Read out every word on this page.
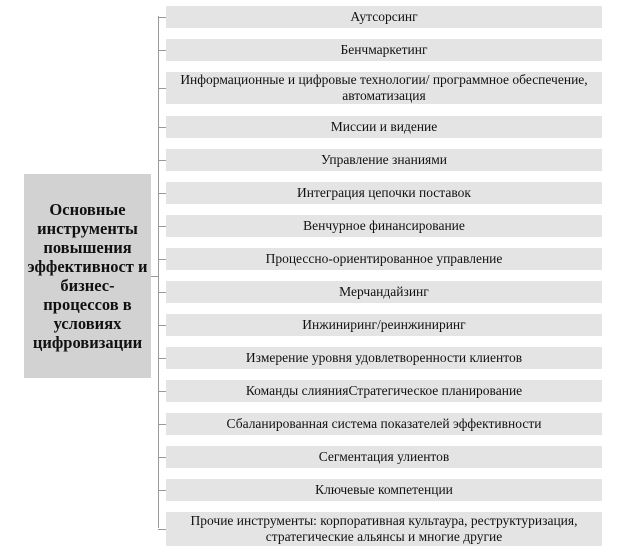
Основные инструменты повышения эффективност и бизнес-процессов в условиях цифровизации
Аутсорсинг
Бенчмаркетинг
Информационные и цифровые технологии/ программное обеспечение, автоматизация
Миссии и видение
Управление знаниями
Интеграция цепочки поставок
Венчурное финансирование
Процессно-ориентированное управление
Мерчандайзинг
Инжиниринг/реинжиниринг
Измерение уровня удовлетворенности клиентов
Команды слиянияСтратегическое планирование
Сбаланированная система показателей эффективности
Сегментация улиентов
Ключевые компетенции
Прочие инструменты: корпоративная культаура, реструктуризация, стратегические альянсы и многие другие
